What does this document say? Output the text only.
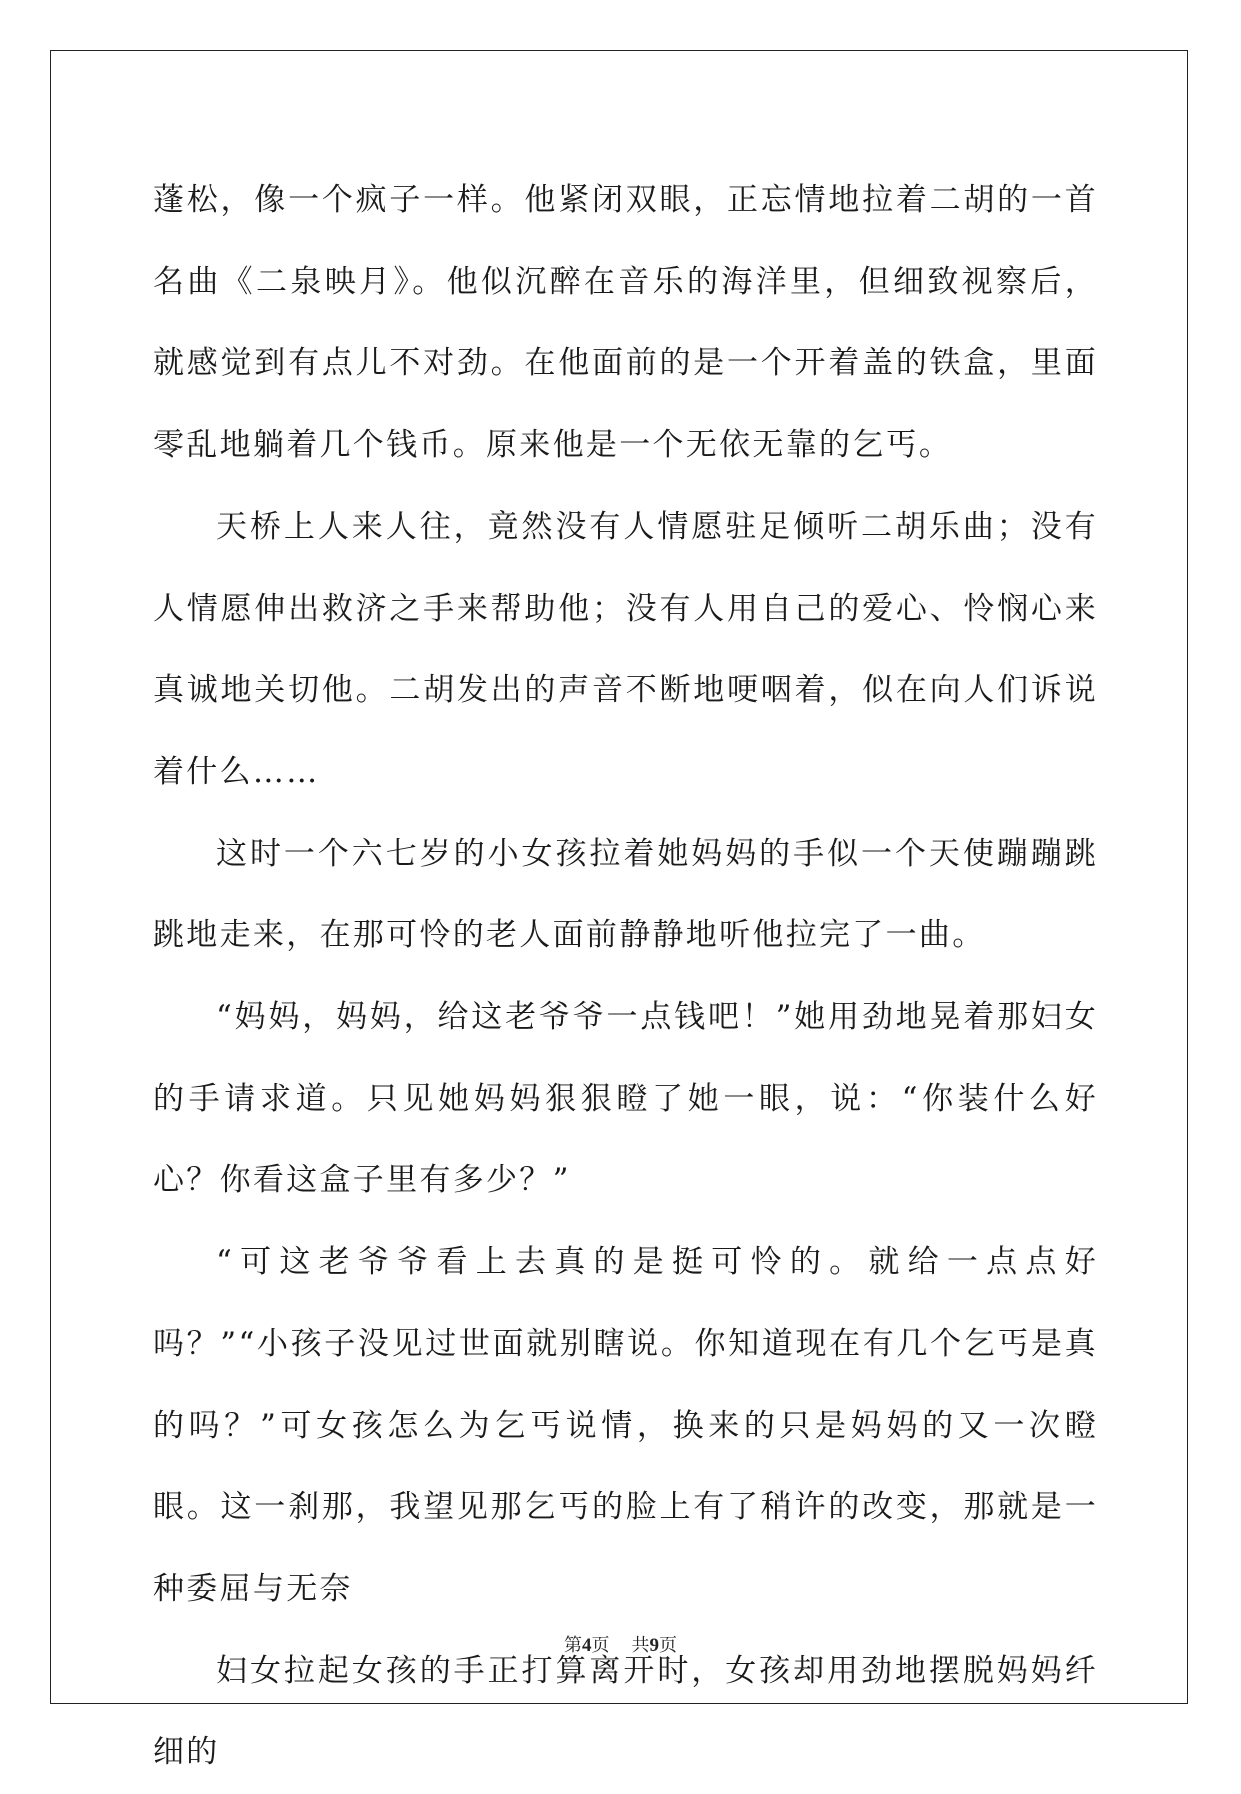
蓬松，像一个疯子一样。他紧闭双眼，正忘情地拉着二胡的一首名曲《二泉映月》。他似沉醉在音乐的海洋里，但细致视察后，就感觉到有点儿不对劲。在他面前的是一个开着盖的铁盒，里面零乱地躺着几个钱币。原来他是一个无依无靠的乞丐。

天桥上人来人往，竟然没有人情愿驻足倾听二胡乐曲；没有人情愿伸出救济之手来帮助他；没有人用自己的爱心、怜悯心来真诚地关切他。二胡发出的声音不断地哽咽着，似在向人们诉说着什么……

这时一个六七岁的小女孩拉着她妈妈的手似一个天使蹦蹦跳跳地走来，在那可怜的老人面前静静地听他拉完了一曲。

“妈妈，妈妈，给这老爷爷一点钱吧！”她用劲地晃着那妇女的手请求道。只见她妈妈狠狠瞪了她一眼，说：“你装什么好心？你看这盒子里有多少？”

“可这老爷爷看上去真的是挺可怜的。就给一点点好吗？”“小孩子没见过世面就别瞎说。你知道现在有几个乞丐是真的吗？”可女孩怎么为乞丐说情，换来的只是妈妈的又一次瞪眼。这一刹那，我望见那乞丐的脸上有了稍许的改变，那就是一种委屈与无奈

妇女拉起女孩的手正打算离开时，女孩却用劲地摆脱妈妈纤细的

第4页 共9页
